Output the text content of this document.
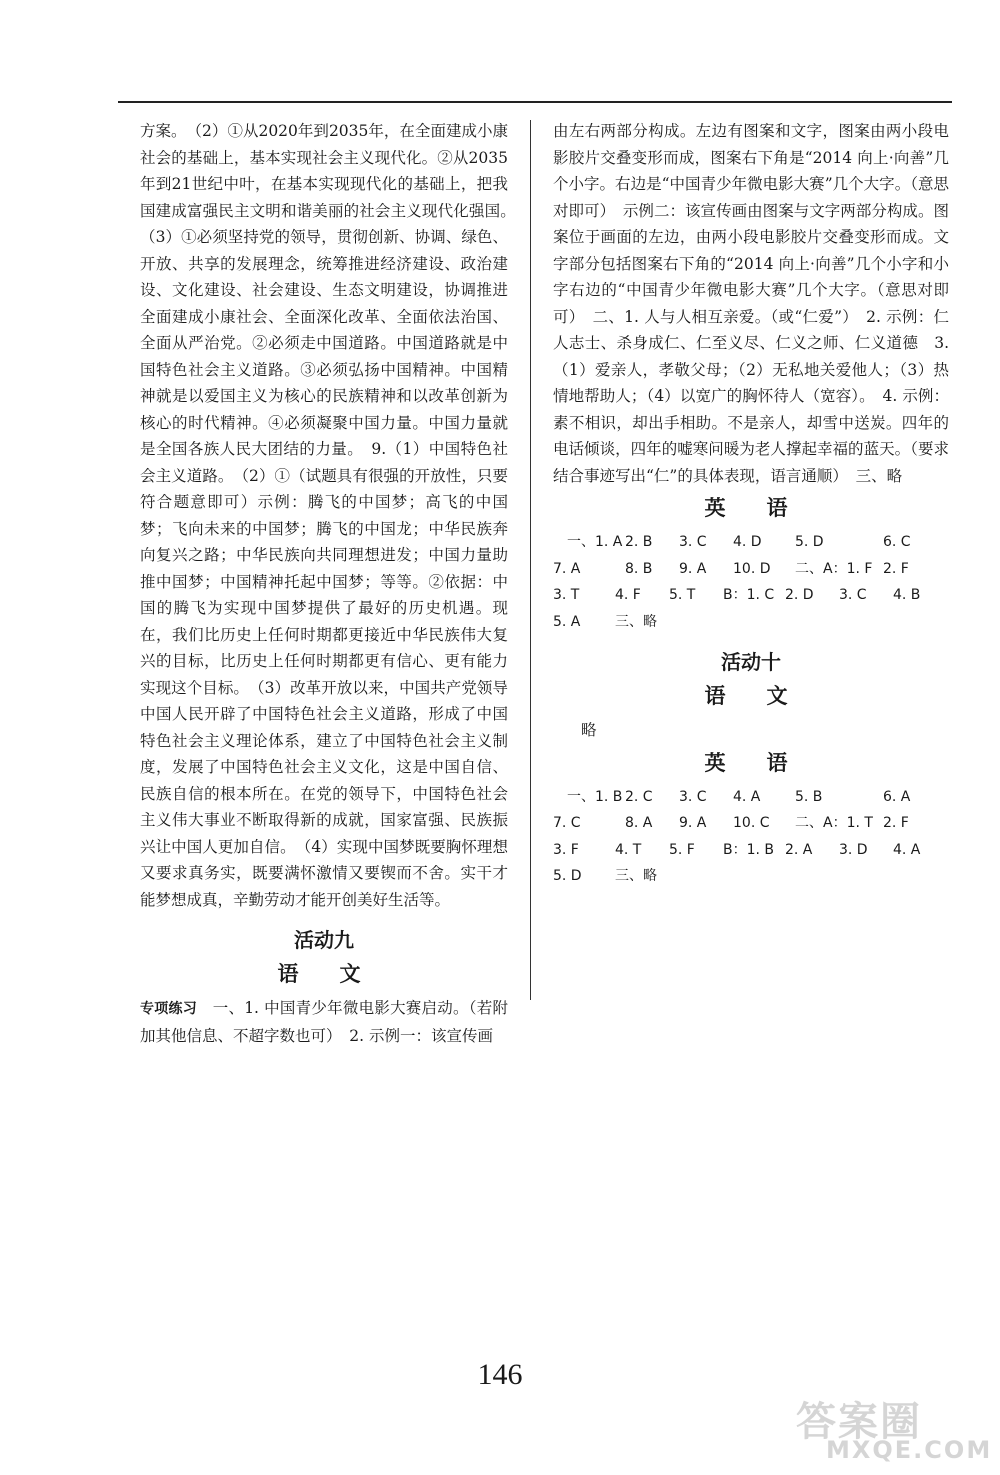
方案。　（2）①从2020年到2035年，在全面建成小康社会的基础上，基本实现社会主义现代化。②从2035年到21世纪中叶，在基本实现现代化的基础上，把我国建成富强民主文明和谐美丽的社会主义现代化强国。　（3）①必须坚持党的领导，贯彻创新、协调、绿色、开放、共享的发展理念，统筹推进经济建设、政治建设、文化建设、社会建设、生态文明建设，协调推进全面建成小康社会、全面深化改革、全面依法治国、全面从严治党。②必须走中国道路。中国道路就是中国特色社会主义道路。③必须弘扬中国精神。中国精神就是以爱国主义为核心的民族精神和以改革创新为核心的时代精神。④必须凝聚中国力量。中国力量就是全国各族人民大团结的力量。　9.（1）中国特色社会主义道路。　（2）①（试题具有很强的开放性，只要符合题意即可）示例：腾飞的中国梦；高飞的中国梦；飞向未来的中国梦；腾飞的中国龙；中华民族奔向复兴之路；中华民族向共同理想进发；中国力量助推中国梦；中国精神托起中国梦；等等。②依据：中国的腾飞为实现中国梦提供了最好的历史机遇。现在，我们比历史上任何时期都更接近中华民族伟大复兴的目标，比历史上任何时期都更有信心、更有能力实现这个目标。　（3）改革开放以来，中国共产党领导中国人民开辟了中国特色社会主义道路，形成了中国特色社会主义理论体系，建立了中国特色社会主义制度，发展了中国特色社会主义文化，这是中国自信、民族自信的根本所在。在党的领导下，中国特色社会主义伟大事业不断取得新的成就，国家富强、民族振兴让中国人更加自信。　（4）实现中国梦既要胸怀理想又要求真务实，既要满怀激情又要锲而不舍。实干才能梦想成真，辛勤劳动才能开创美好生活等。

活动九
语　文

专项练习　一、1. 中国青少年微电影大赛启动。（若附加其他信息、不超字数也可）　2. 示例一：该宣传画

由左右两部分构成。左边有图案和文字，图案由两小段电影胶片交叠变形而成，图案右下角是“2014 向上·向善”几个小字。右边是“中国青少年微电影大赛”几个大字。（意思对即可）　示例二：该宣传画由图案与文字两部分构成。图案位于画面的左边，由两小段电影胶片交叠变形而成。文字部分包括图案右下角的“2014 向上·向善”几个小字和小字右边的“中国青少年微电影大赛”几个大字。（意思对即可）　二、1. 人与人相互亲爱。（或“仁爱”）　2. 示例：仁人志士、杀身成仁、仁至义尽、仁义之师、仁义道德　3.（1）爱亲人，孝敬父母；（2）无私地关爱他人；（3）热情地帮助人；（4）以宽广的胸怀待人（宽容）。　4. 示例：素不相识，却出手相助。不是亲人，却雪中送炭。四年的电话倾谈，四年的嘘寒问暖为老人撑起幸福的蓝天。（要求结合事迹写出“仁”的具体表现，语言通顺）　三、略

英　语
　一、1. A 2. B	3. C	4. D	5. D	6. C
7. A	8. B	9. A	10. D	二、A：1. F 2. F
3. T	4. F	5. T	B：1. C 2. D	3. C	4. B
5. A	三、略
活动十
语　文

略

英　语
　一、1. B 2. C	3. C	4. A	5. B	6. A
7. C	8. A	9. A	10. C	二、A：1. T 2. F
3. F	4. T	5. F	B：1. B 2. A	3. D	4. A
5. D	三、略
146
答案圈
MXQE.COM
